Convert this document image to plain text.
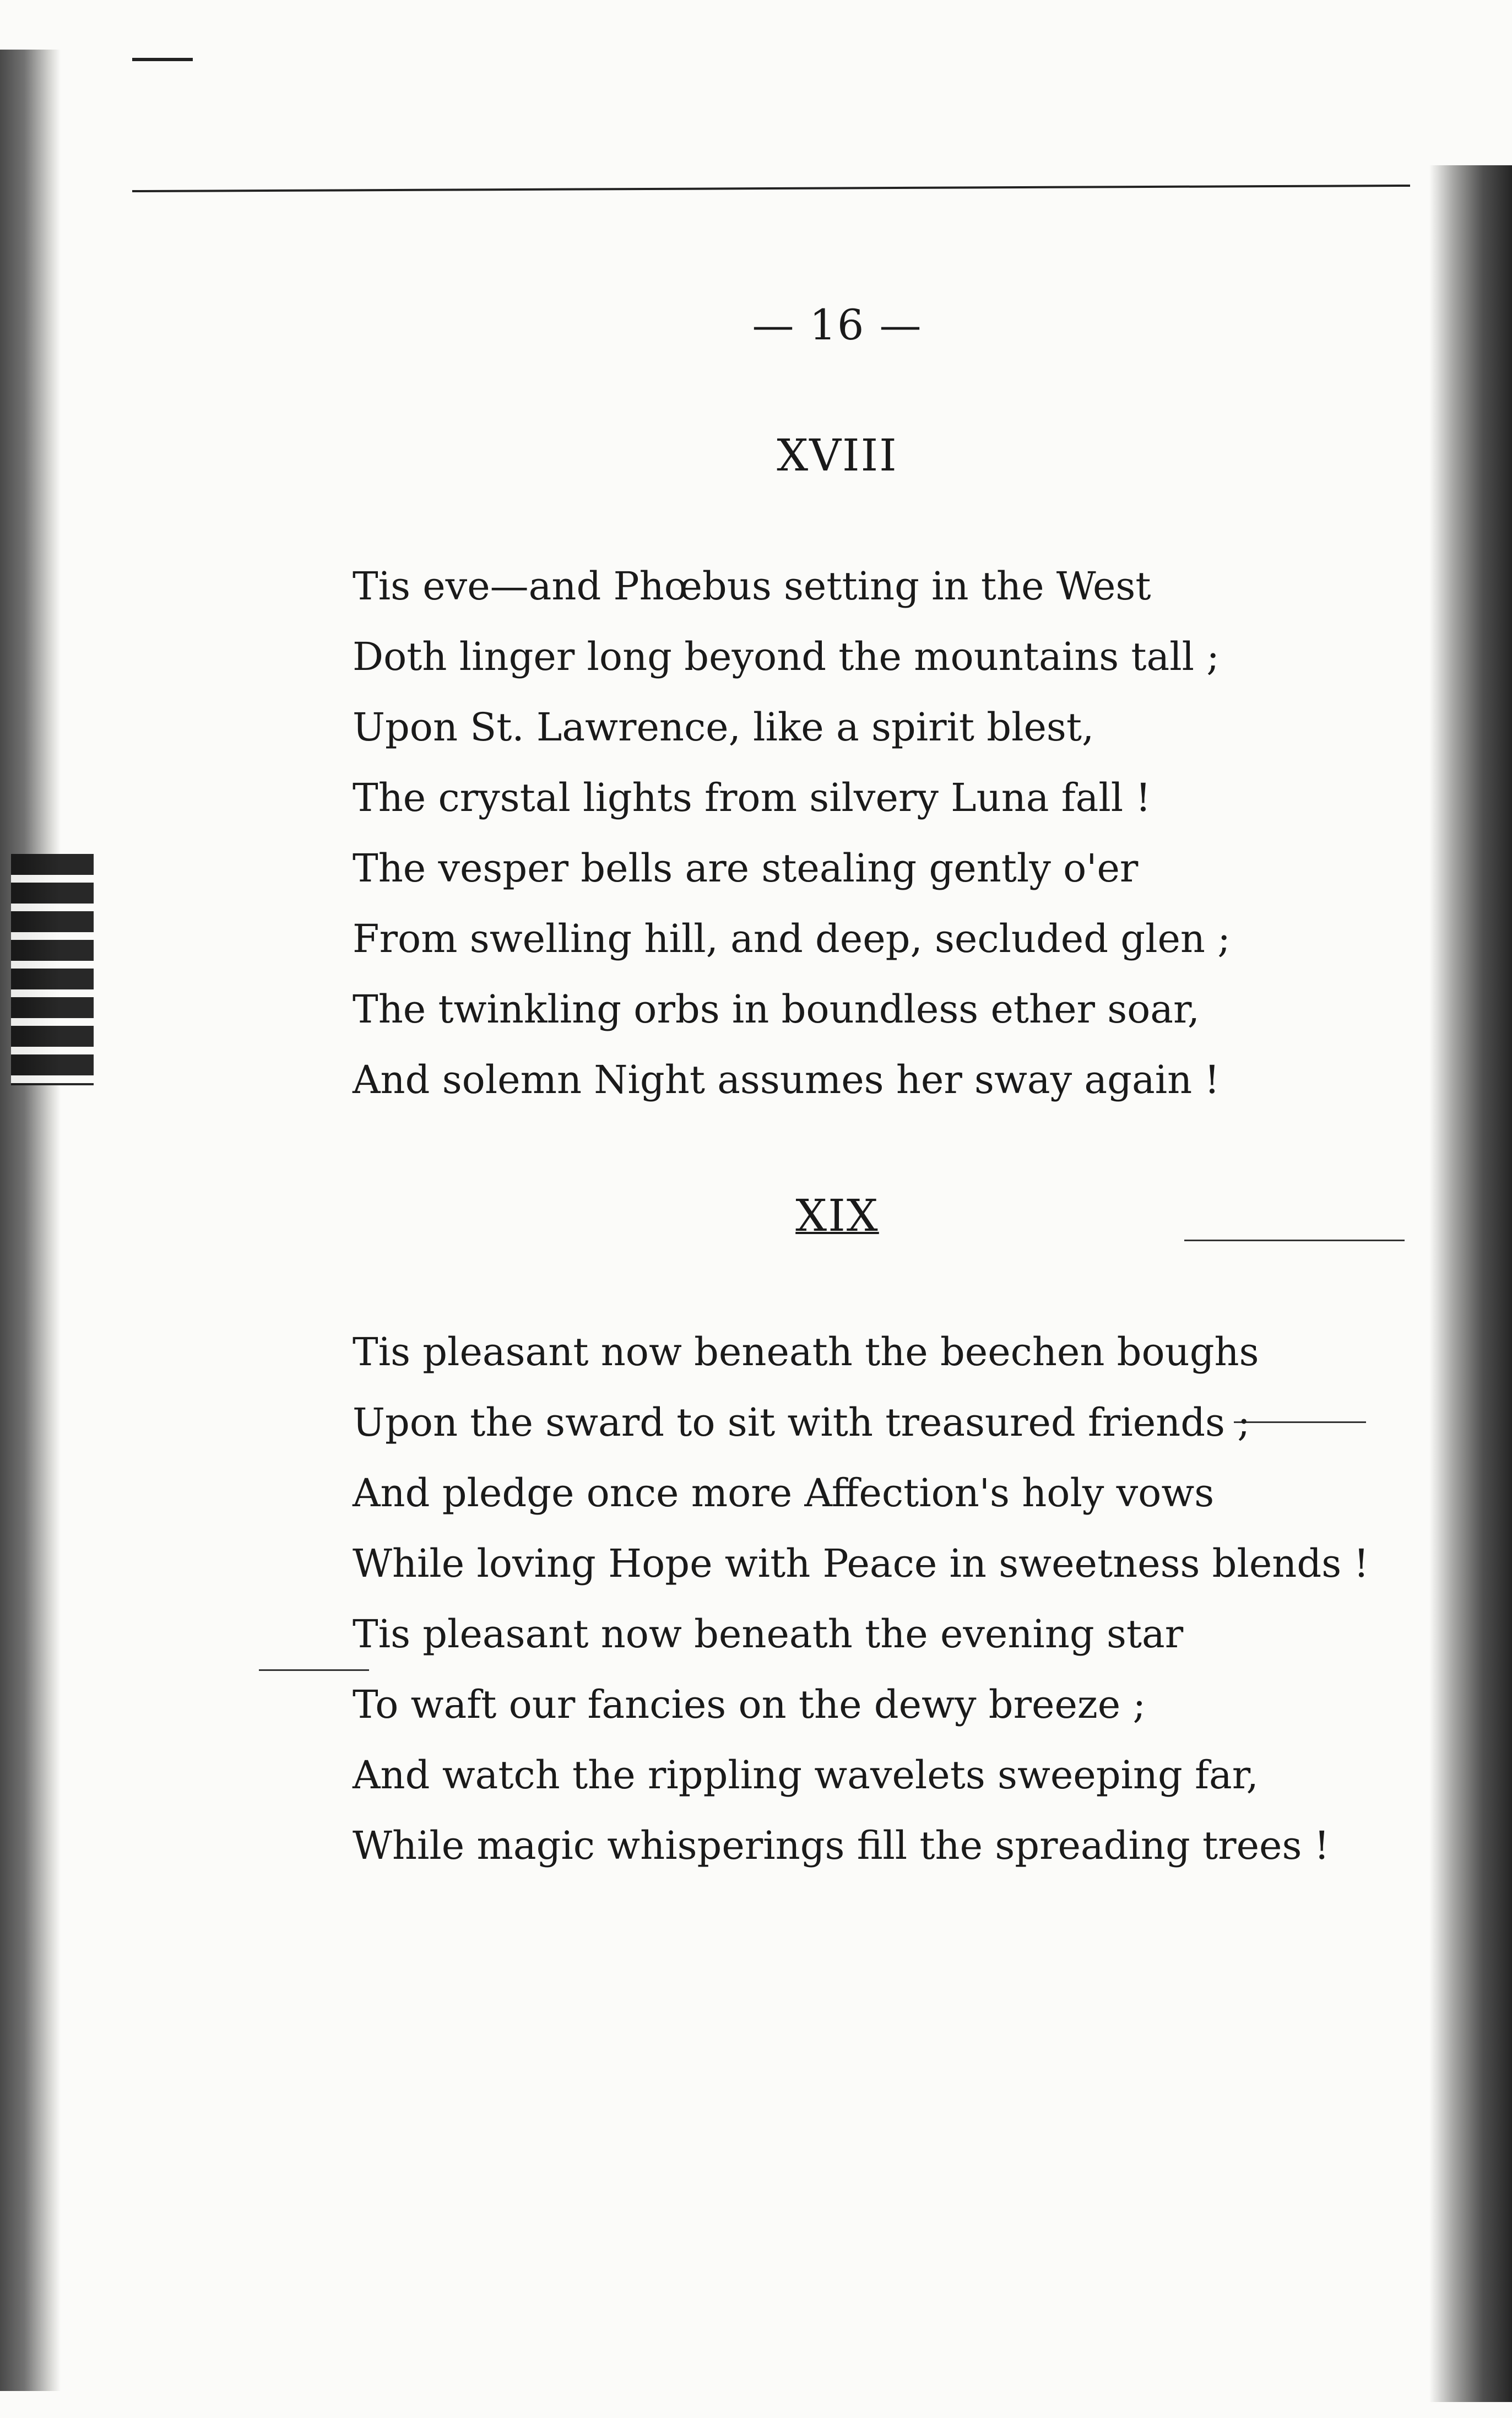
— 16 —
XVIII
Tis eve—and Phœbus setting in the West
Doth linger long beyond the mountains tall ;
Upon St. Lawrence, like a spirit blest,
The crystal lights from silvery Luna fall !
The vesper bells are stealing gently o'er
From swelling hill, and deep, secluded glen ;
The twinkling orbs in boundless ether soar,
And solemn Night assumes her sway again !
XIX
Tis pleasant now beneath the beechen boughs
Upon the sward to sit with treasured friends ;
And pledge once more Affection's holy vows
While loving Hope with Peace in sweetness blends !
Tis pleasant now beneath the evening star
To waft our fancies on the dewy breeze ;
And watch the rippling wavelets sweeping far,
While magic whisperings fill the spreading trees !
